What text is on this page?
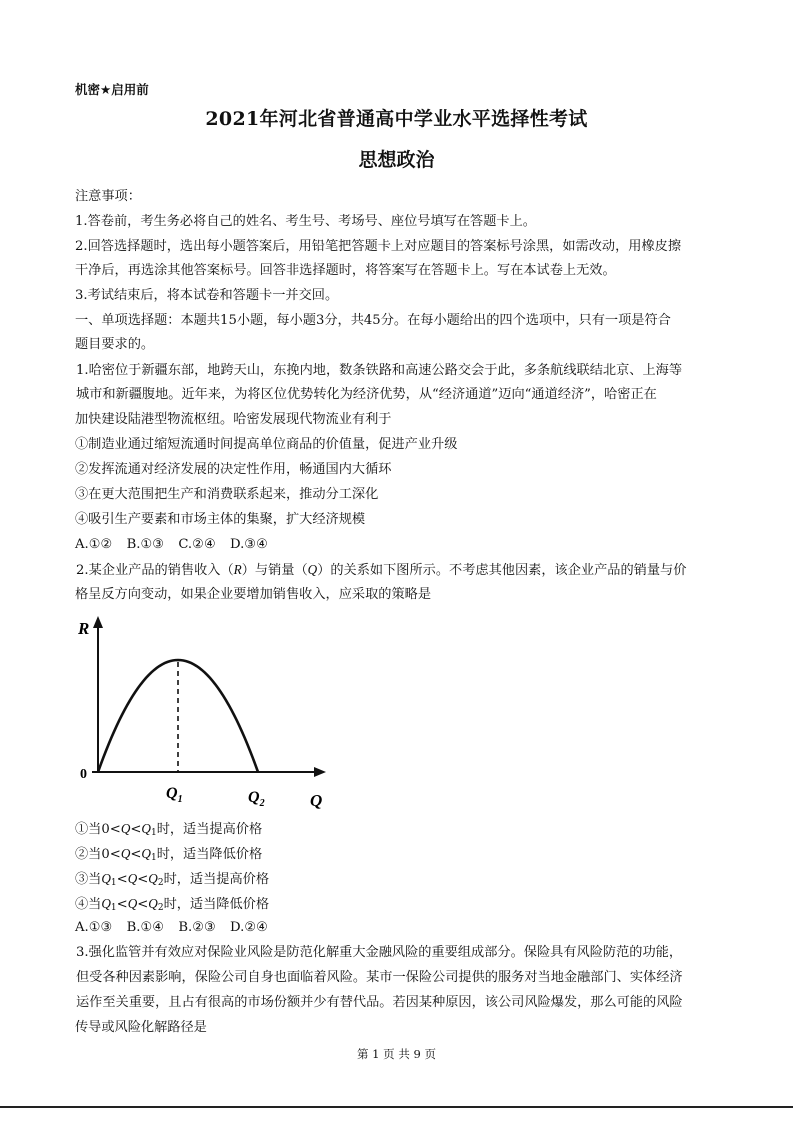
机密★启用前
2021年河北省普通高中学业水平选择性考试
思想政治
注意事项：
1.答卷前，考生务必将自己的姓名、考生号、考场号、座位号填写在答题卡上。
2.回答选择题时，选出每小题答案后，用铅笔把答题卡上对应题目的答案标号涂黑，如需改动，用橡皮擦
干净后，再选涂其他答案标号。回答非选择题时，将答案写在答题卡上。写在本试卷上无效。
3.考试结束后，将本试卷和答题卡一并交回。
一、单项选择题：本题共15小题，每小题3分，共45分。在每小题给出的四个选项中，只有一项是符合
题目要求的。
1.哈密位于新疆东部，地跨天山，东挽内地，数条铁路和高速公路交会于此，多条航线联结北京、上海等
城市和新疆腹地。近年来，为将区位优势转化为经济优势，从“经济通道”迈向“通道经济”，哈密正在
加快建设陆港型物流枢纽。哈密发展现代物流业有利于
①制造业通过缩短流通时间提高单位商品的价值量，促进产业升级
②发挥流通对经济发展的决定性作用，畅通国内大循环
③在更大范围把生产和消费联系起来，推动分工深化
④吸引生产要素和市场主体的集聚，扩大经济规模
A.①② B.①③ C.②④ D.③④
2.某企业产品的销售收入（R）与销量（Q）的关系如下图所示。不考虑其他因素，该企业产品的销量与价
格呈反方向变动，如果企业要增加销售收入，应采取的策略是
R
Q
0
$Q_1$	$Q_2$
①当$0<Q<Q_1$时，适当提高价格
②当$0<Q<Q_1$时，适当降低价格
③当$Q_1<Q<Q_2$时，适当提高价格
④当$Q_1<Q<Q_2$时，适当降低价格
A.①③ B.①④ B.②③ D.②④
3.强化监管并有效应对保险业风险是防范化解重大金融风险的重要组成部分。保险具有风险防范的功能，
但受各种因素影响，保险公司自身也面临着风险。某市一保险公司提供的服务对当地金融部门、实体经济
运作至关重要，且占有很高的市场份额并少有替代品。若因某种原因，该公司风险爆发，那么可能的风险
传导或风险化解路径是
第 1 页 共 9 页
